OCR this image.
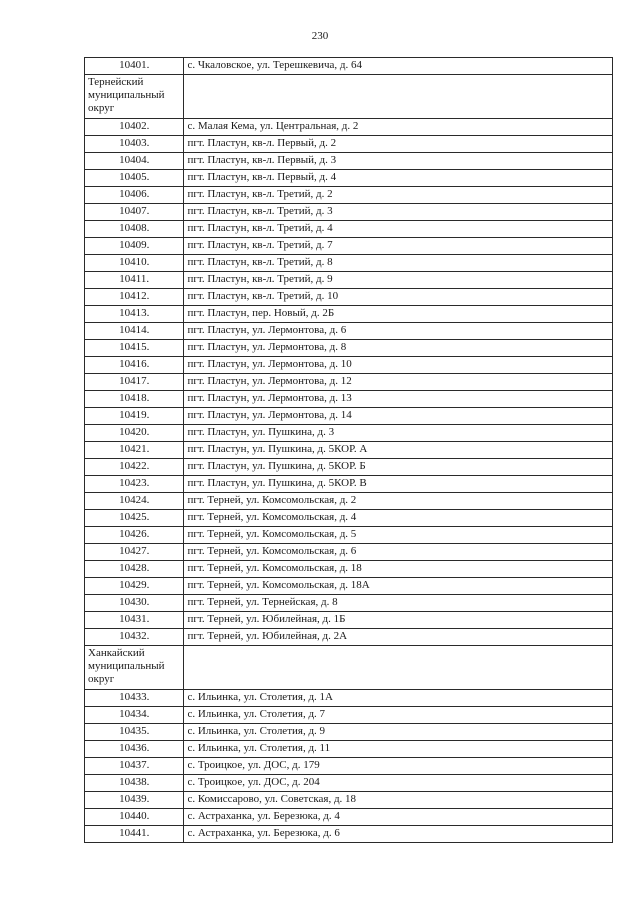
230
10401.	с. Чкаловское, ул. Терешкевича, д. 64
Тернейский муниципальный округ	
10402.	с. Малая Кема, ул. Центральная, д. 2
10403.	пгт. Пластун, кв-л. Первый, д. 2
10404.	пгт. Пластун, кв-л. Первый, д. 3
10405.	пгт. Пластун, кв-л. Первый, д. 4
10406.	пгт. Пластун, кв-л. Третий, д. 2
10407.	пгт. Пластун, кв-л. Третий, д. 3
10408.	пгт. Пластун, кв-л. Третий, д. 4
10409.	пгт. Пластун, кв-л. Третий, д. 7
10410.	пгт. Пластун, кв-л. Третий, д. 8
10411.	пгт. Пластун, кв-л. Третий, д. 9
10412.	пгт. Пластун, кв-л. Третий, д. 10
10413.	пгт. Пластун, пер. Новый, д. 2Б
10414.	пгт. Пластун, ул. Лермонтова, д. 6
10415.	пгт. Пластун, ул. Лермонтова, д. 8
10416.	пгт. Пластун, ул. Лермонтова, д. 10
10417.	пгт. Пластун, ул. Лермонтова, д. 12
10418.	пгт. Пластун, ул. Лермонтова, д. 13
10419.	пгт. Пластун, ул. Лермонтова, д. 14
10420.	пгт. Пластун, ул. Пушкина, д. 3
10421.	пгт. Пластун, ул. Пушкина, д. 5КОР. А
10422.	пгт. Пластун, ул. Пушкина, д. 5КОР. Б
10423.	пгт. Пластун, ул. Пушкина, д. 5КОР. В
10424.	пгт. Терней, ул. Комсомольская, д. 2
10425.	пгт. Терней, ул. Комсомольская, д. 4
10426.	пгт. Терней, ул. Комсомольская, д. 5
10427.	пгт. Терней, ул. Комсомольская, д. 6
10428.	пгт. Терней, ул. Комсомольская, д. 18
10429.	пгт. Терней, ул. Комсомольская, д. 18А
10430.	пгт. Терней, ул. Тернейская, д. 8
10431.	пгт. Терней, ул. Юбилейная, д. 1Б
10432.	пгт. Терней, ул. Юбилейная, д. 2А
Ханкайский муниципальный округ	
10433.	с. Ильинка, ул. Столетия, д. 1А
10434.	с. Ильинка, ул. Столетия, д. 7
10435.	с. Ильинка, ул. Столетия, д. 9
10436.	с. Ильинка, ул. Столетия, д. 11
10437.	с. Троицкое, ул. ДОС, д. 179
10438.	с. Троицкое, ул. ДОС, д. 204
10439.	с. Комиссарово, ул. Советская, д. 18
10440.	с. Астраханка, ул. Березюка, д. 4
10441.	с. Астраханка, ул. Березюка, д. 6
